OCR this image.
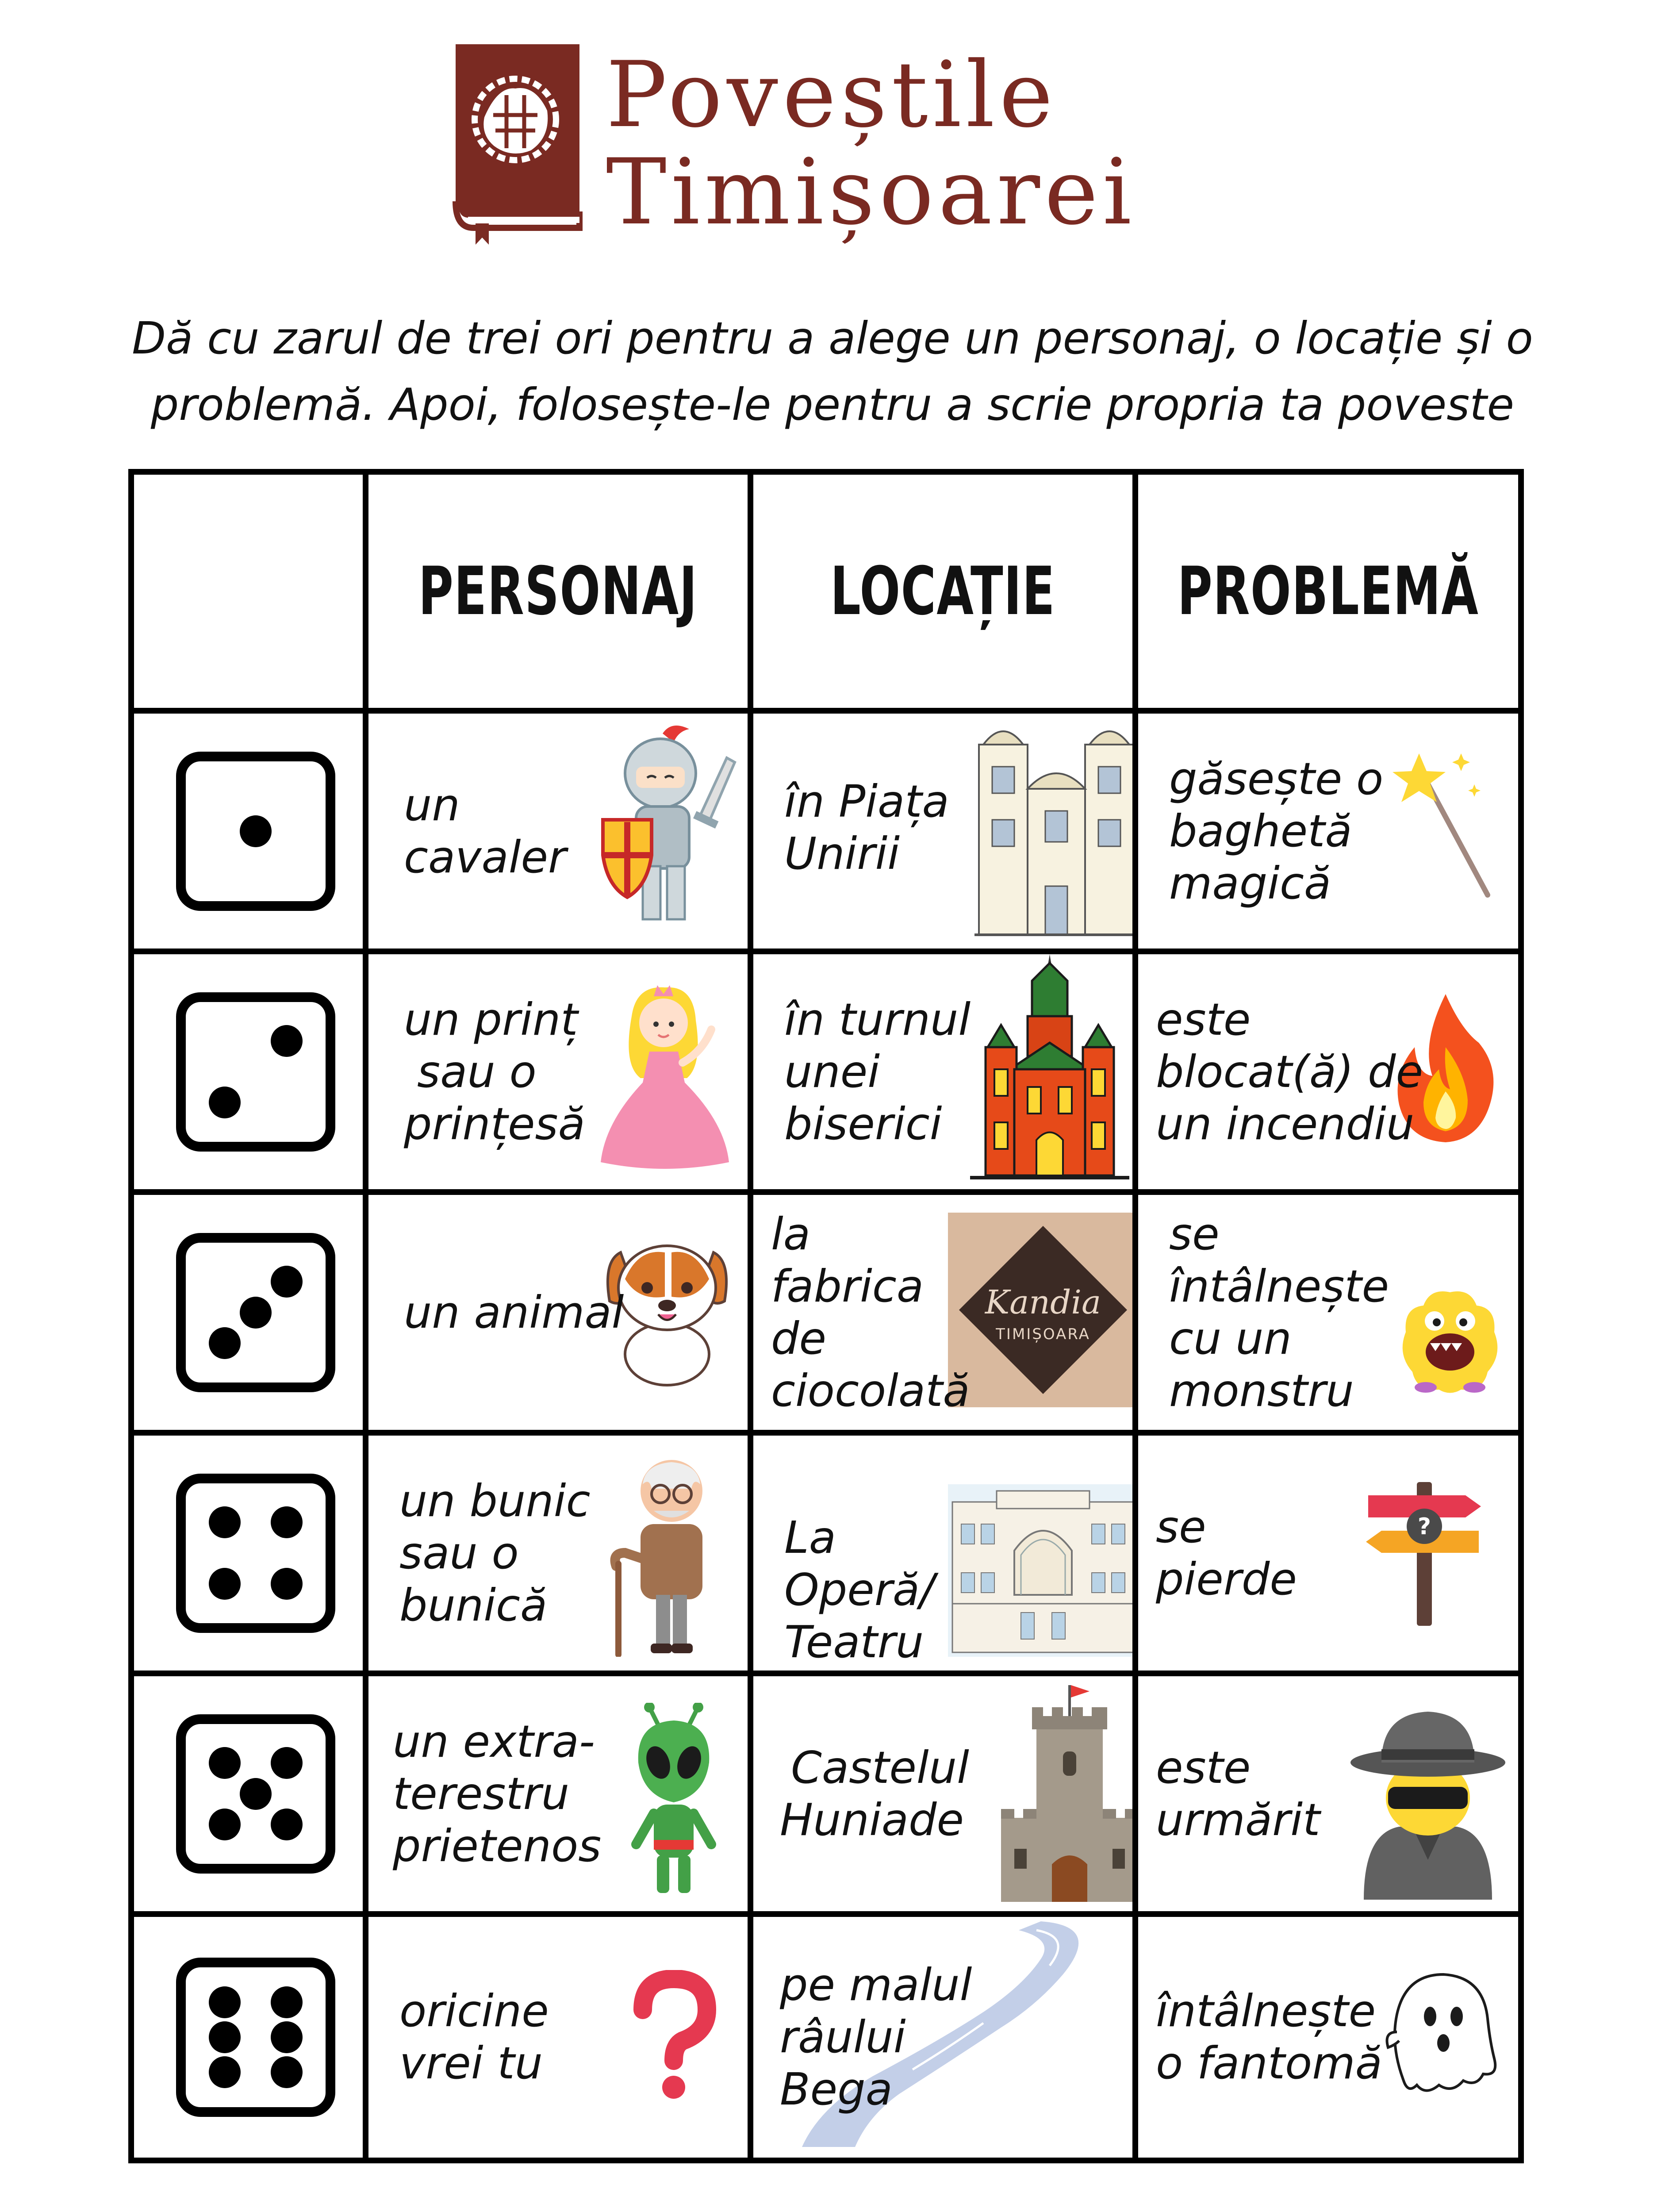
Poveștile
Timișoarei
Dă cu zarul de trei ori pentru a alege un personaj, o locație și o
problemă. Apoi, folosește-le pentru a scrie propria ta poveste
PERSONAJ	LOCAȚIE	PROBLEMĂ
un
cavaler
în Piața
Unirii
găsește o
baghetă
magică
un prinț
sau o
prințesă
în turnul
unei
biserici
este
blocat(ă) de
un incendiu
un animal
la
fabrica
de
ciocolată
Kandia
TIMIȘOARA
se
întâlnește
cu un
monstru
un bunic
sau o
bunică
La
Operă/
Teatru
se
pierde
?
un extra-
terestru
prietenos
Castelul
Huniade
este
urmărit
oricine
vrei tu
pe malul
râului
Bega
întâlnește
o fantomă
